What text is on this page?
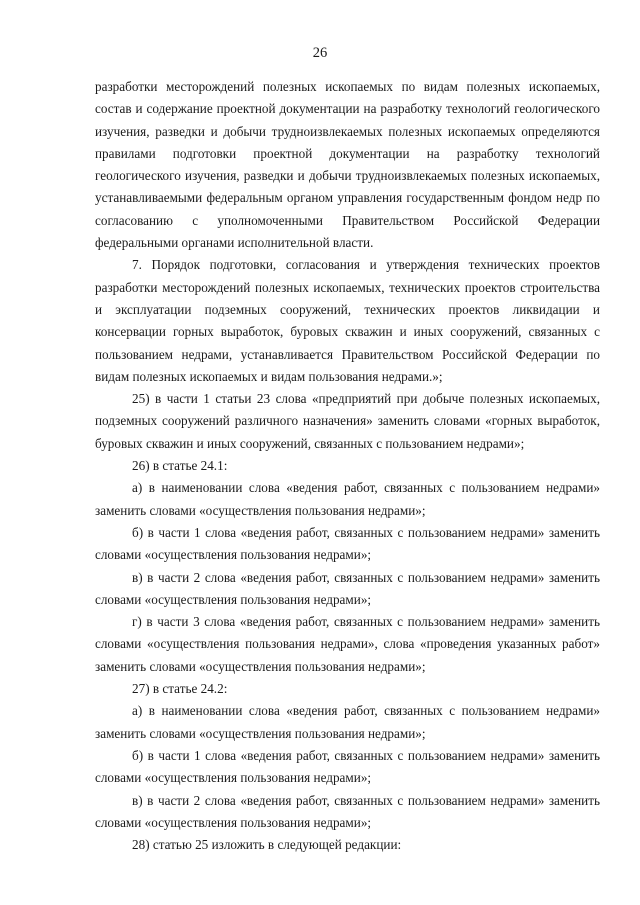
26

разработки месторождений полезных ископаемых по видам полезных ископаемых, состав и содержание проектной документации на разработку технологий геологического изучения, разведки и добычи трудноизвлекаемых полезных ископаемых определяются правилами подготовки проектной документации на разработку технологий геологического изучения, разведки и добычи трудноизвлекаемых полезных ископаемых, устанавливаемыми федеральным органом управления государственным фондом недр по согласованию с уполномоченными Правительством Российской Федерации федеральными органами исполнительной власти.

7. Порядок подготовки, согласования и утверждения технических проектов разработки месторождений полезных ископаемых, технических проектов строительства и эксплуатации подземных сооружений, технических проектов ликвидации и консервации горных выработок, буровых скважин и иных сооружений, связанных с пользованием недрами, устанавливается Правительством Российской Федерации по видам полезных ископаемых и видам пользования недрами.»;

25) в части 1 статьи 23 слова «предприятий при добыче полезных ископаемых, подземных сооружений различного назначения» заменить словами «горных выработок, буровых скважин и иных сооружений, связанных с пользованием недрами»;

26) в статье 24.1:

а) в наименовании слова «ведения работ, связанных с пользованием недрами» заменить словами «осуществления пользования недрами»;

б) в части 1 слова «ведения работ, связанных с пользованием недрами» заменить словами «осуществления пользования недрами»;

в) в части 2 слова «ведения работ, связанных с пользованием недрами» заменить словами «осуществления пользования недрами»;

г) в части 3 слова «ведения работ, связанных с пользованием недрами» заменить словами «осуществления пользования недрами», слова «проведения указанных работ» заменить словами «осуществления пользования недрами»;

27) в статье 24.2:

а) в наименовании слова «ведения работ, связанных с пользованием недрами» заменить словами «осуществления пользования недрами»;

б) в части 1 слова «ведения работ, связанных с пользованием недрами» заменить словами «осуществления пользования недрами»;

в) в части 2 слова «ведения работ, связанных с пользованием недрами» заменить словами «осуществления пользования недрами»;

28) статью 25 изложить в следующей редакции:
